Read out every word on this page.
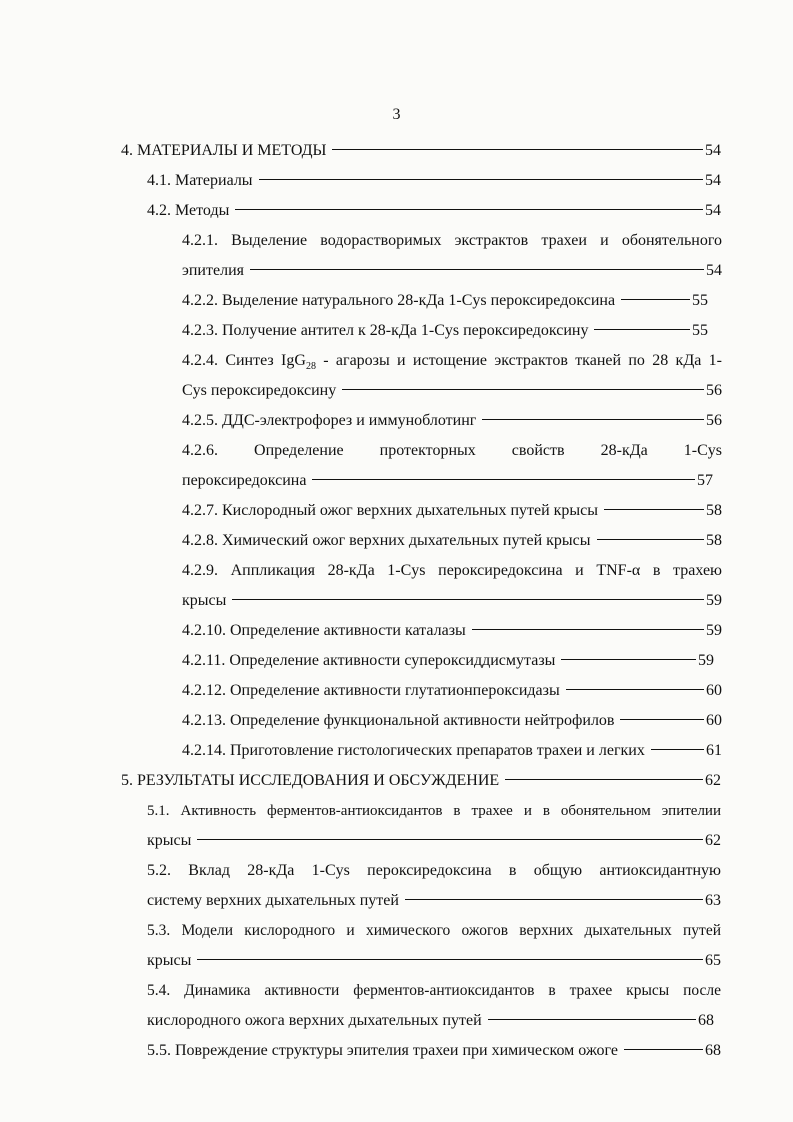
3
4. МАТЕРИАЛЫ И МЕТОДЫ	54
4.1. Материалы	54
4.2. Методы	54
4.2.1. Выделение водорастворимых экстрактов трахеи и обонятельного
эпителия	54
4.2.2. Выделение натурального 28-кДа 1-Cys пероксиредоксина	55
4.2.3. Получение антител к 28-кДа 1-Cys пероксиредоксину	55
4.2.4. Синтез IgG$_{28}$ - агарозы и истощение экстрактов тканей по 28 кДа 1-
Cys пероксиредоксину	56
4.2.5. ДДС-электрофорез и иммуноблотинг	56
4.2.6. Определение протекторных свойств 28-кДа 1-Cys
пероксиредоксина	57
4.2.7. Кислородный ожог верхних дыхательных путей крысы	58
4.2.8. Химический ожог верхних дыхательных путей крысы	58
4.2.9. Аппликация 28-кДа 1-Cys пероксиредоксина и TNF-α в трахею
крысы	59
4.2.10. Определение активности каталазы	59
4.2.11. Определение активности супероксиддисмутазы	59
4.2.12. Определение активности глутатионпероксидазы	60
4.2.13. Определение функциональной активности нейтрофилов	60
4.2.14. Приготовление гистологических препаратов трахеи и легких	61
5. РЕЗУЛЬТАТЫ ИССЛЕДОВАНИЯ И ОБСУЖДЕНИЕ	62
5.1. Активность ферментов-антиоксидантов в трахее и в обонятельном эпителии
крысы	62
5.2. Вклад 28-кДа 1-Cys пероксиредоксина в общую антиоксидантную
систему верхних дыхательных путей	63
5.3. Модели кислородного и химического ожогов верхних дыхательных путей
крысы	65
5.4. Динамика активности ферментов-антиоксидантов в трахее крысы после
кислородного ожога верхних дыхательных путей	68
5.5. Повреждение структуры эпителия трахеи при химическом ожоге	68
